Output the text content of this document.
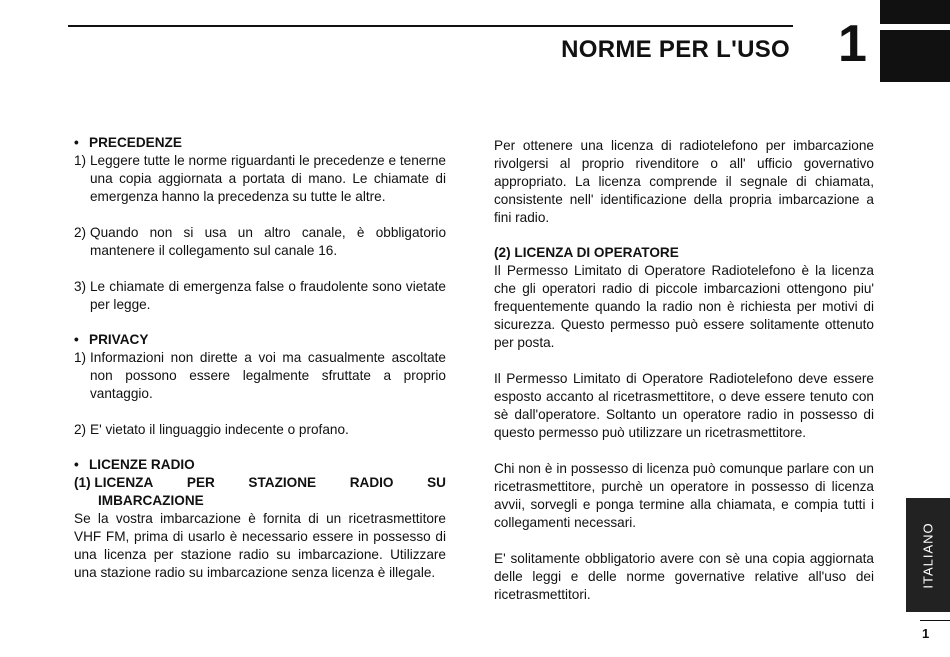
NORME PER L'USO 1
ITALIANO
1

• PRECEDENZE

1) Leggere tutte le norme riguardanti le precedenze e tenerne una copia aggiornata a portata di mano. Le chiamate di emergenza hanno la precedenza su tutte le altre.
2) Quando non si usa un altro canale, è obbligatorio mantenere il collegamento sul canale 16.
3) Le chiamate di emergenza false o fraudolente sono vietate per legge.

• PRIVACY

1) Informazioni non dirette a voi ma casualmente ascoltate non possono essere legalmente sfruttate a proprio vantaggio.
2) E' vietato il linguaggio indecente o profano.

• LICENZE RADIO

(1) LICENZA PER STAZIONE RADIO SU
IMBARCAZIONE

Se la vostra imbarcazione è fornita di un ricetrasmettitore VHF FM, prima di usarlo è necessario essere in possesso di una licenza per stazione radio su imbarcazione. Utilizzare una stazione radio su imbarcazione senza licenza è illegale.

Per ottenere una licenza di radiotelefono per imbarcazione rivolgersi al proprio rivenditore o all' ufficio governativo appropriato. La licenza comprende il segnale di chiamata, consistente nell' identificazione della propria imbarcazione a fini radio.

(2) LICENZA DI OPERATORE

Il Permesso Limitato di Operatore Radiotelefono è la licenza che gli operatori radio di piccole imbarcazioni ottengono piu' frequentemente quando la radio non è richiesta per motivi di sicurezza. Questo permesso può essere solitamente ottenuto per posta.

Il Permesso Limitato di Operatore Radiotelefono deve essere esposto accanto al ricetrasmettitore, o deve essere tenuto con sè dall'operatore. Soltanto un operatore radio in possesso di questo permesso può utilizzare un ricetrasmettitore.

Chi non è in possesso di licenza può comunque parlare con un ricetrasmettitore, purchè un operatore in possesso di licenza avvii, sorvegli e ponga termine alla chiamata, e compia tutti i collegamenti necessari.

E' solitamente obbligatorio avere con sè una copia aggiornata delle leggi e delle norme governative relative all'uso dei ricetrasmettitori.
